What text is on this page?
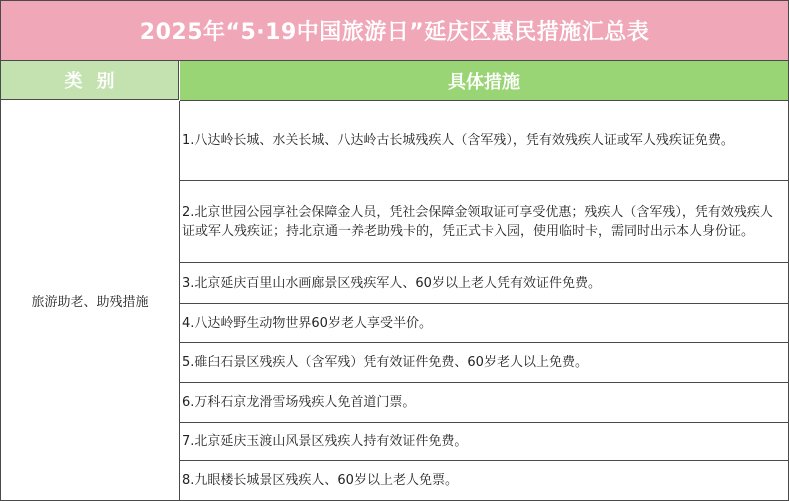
2025年“5·19中国旅游日”延庆区惠民措施汇总表
类别	具体措施
旅游助老、助残措施
1.八达岭长城、水关长城、八达岭古长城残疾人（含军残），凭有效残疾人证或军人残疾证免费。
2.北京世园公园享社会保障金人员，凭社会保障金领取证可享受优惠；残疾人（含军残），凭有效残疾人证或军人残疾证；持北京通一养老助残卡的，凭正式卡入园，使用临时卡，需同时出示本人身份证。
3.北京延庆百里山水画廊景区残疾军人、60岁以上老人凭有效证件免费。
4.八达岭野生动物世界60岁老人享受半价。
5.碓臼石景区残疾人（含军残）凭有效证件免费、60岁老人以上免费。
6.万科石京龙滑雪场残疾人免首道门票。
7.北京延庆玉渡山风景区残疾人持有效证件免费。
8.九眼楼长城景区残疾人、60岁以上老人免票。
